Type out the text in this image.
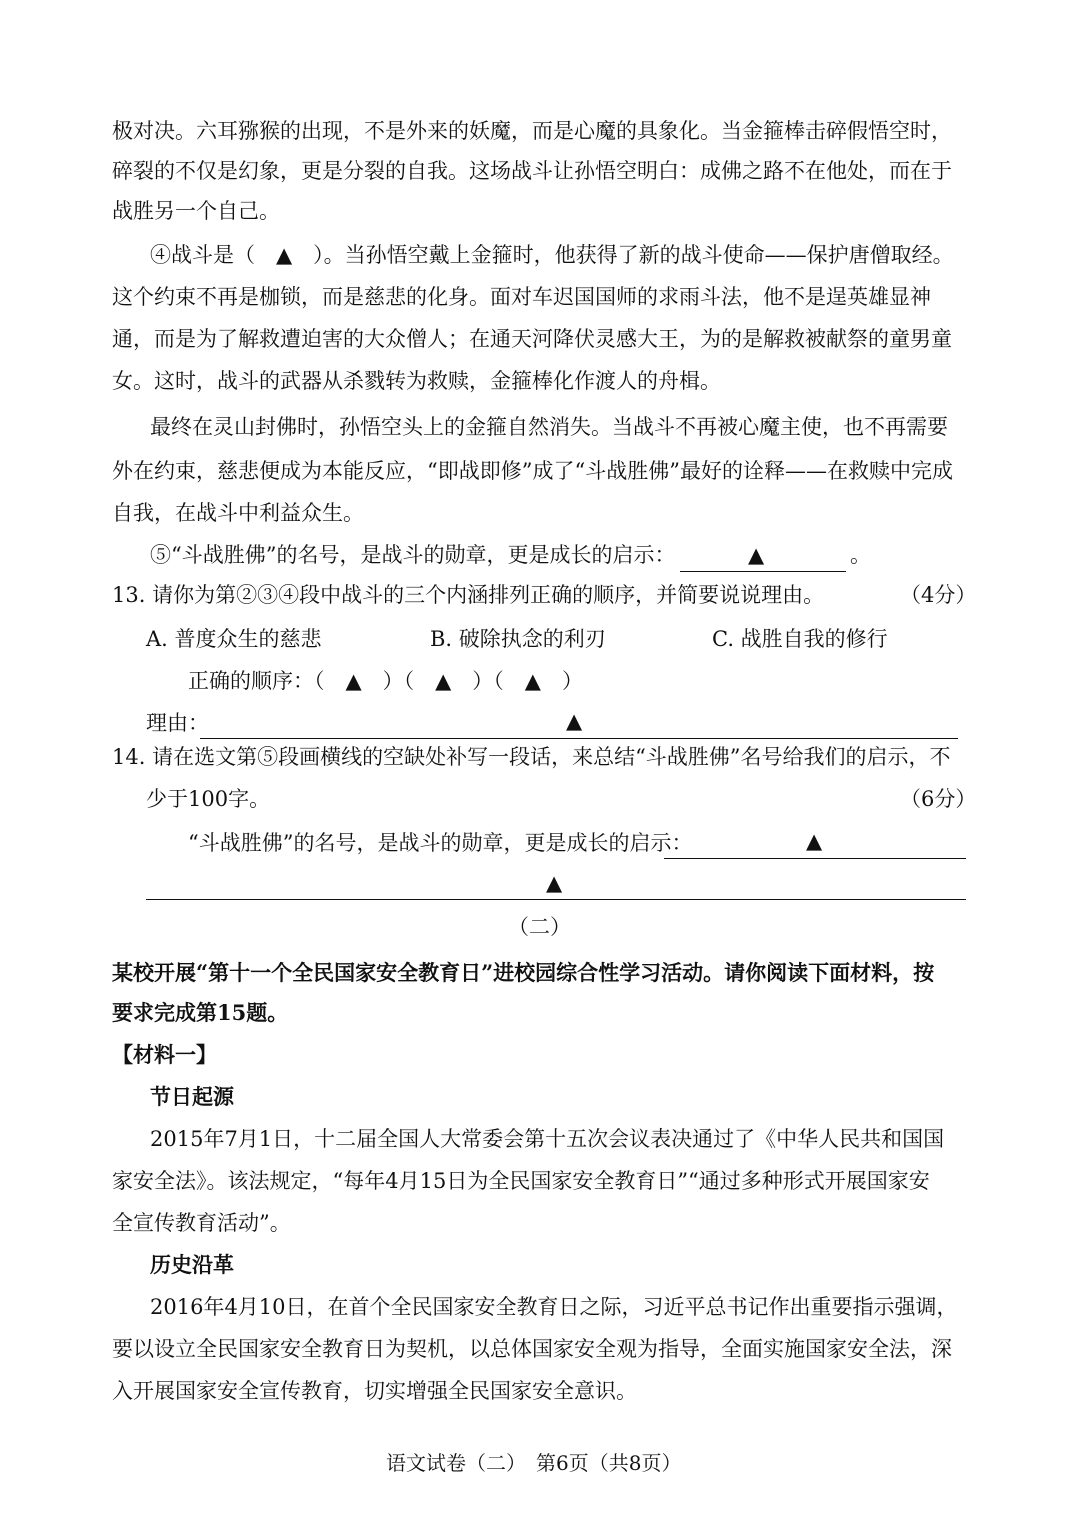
极对决。六耳猕猴的出现，不是外来的妖魔，而是心魔的具象化。当金箍棒击碎假悟空时，
碎裂的不仅是幻象，更是分裂的自我。这场战斗让孙悟空明白：成佛之路不在他处，而在于
战胜另一个自己。
④战斗是（　▲　）。当孙悟空戴上金箍时，他获得了新的战斗使命——保护唐僧取经。
这个约束不再是枷锁，而是慈悲的化身。面对车迟国国师的求雨斗法，他不是逞英雄显神
通，而是为了解救遭迫害的大众僧人；在通天河降伏灵感大王，为的是解救被献祭的童男童
女。这时，战斗的武器从杀戮转为救赎，金箍棒化作渡人的舟楫。
最终在灵山封佛时，孙悟空头上的金箍自然消失。当战斗不再被心魔主使，也不再需要
外在约束，慈悲便成为本能反应，“即战即修”成了“斗战胜佛”最好的诠释——在救赎中完成
自我，在战斗中利益众生。
⑤“斗战胜佛”的名号，是战斗的勋章，更是成长的启示：	▲	。
13. 请你为第②③④段中战斗的三个内涵排列正确的顺序，并简要说说理由。	（4分）
A. 普度众生的慈悲	B. 破除执念的利刃	C. 战胜自我的修行
正确的顺序：（　▲　）（　▲　）（　▲　）
理由：	▲
14. 请在选文第⑤段画横线的空缺处补写一段话，来总结“斗战胜佛”名号给我们的启示，不
少于100字。	（6分）
“斗战胜佛”的名号，是战斗的勋章，更是成长的启示：	▲
▲
（二）
某校开展“第十一个全民国家安全教育日”进校园综合性学习活动。请你阅读下面材料，按
要求完成第15题。
【材料一】
节日起源
2015年7月1日，十二届全国人大常委会第十五次会议表决通过了《中华人民共和国国
家安全法》。该法规定，“每年4月15日为全民国家安全教育日”“通过多种形式开展国家安
全宣传教育活动”。
历史沿革
2016年4月10日，在首个全民国家安全教育日之际，习近平总书记作出重要指示强调，
要以设立全民国家安全教育日为契机，以总体国家安全观为指导，全面实施国家安全法，深
入开展国家安全宣传教育，切实增强全民国家安全意识。
语文试卷（二）　第6页（共8页）
